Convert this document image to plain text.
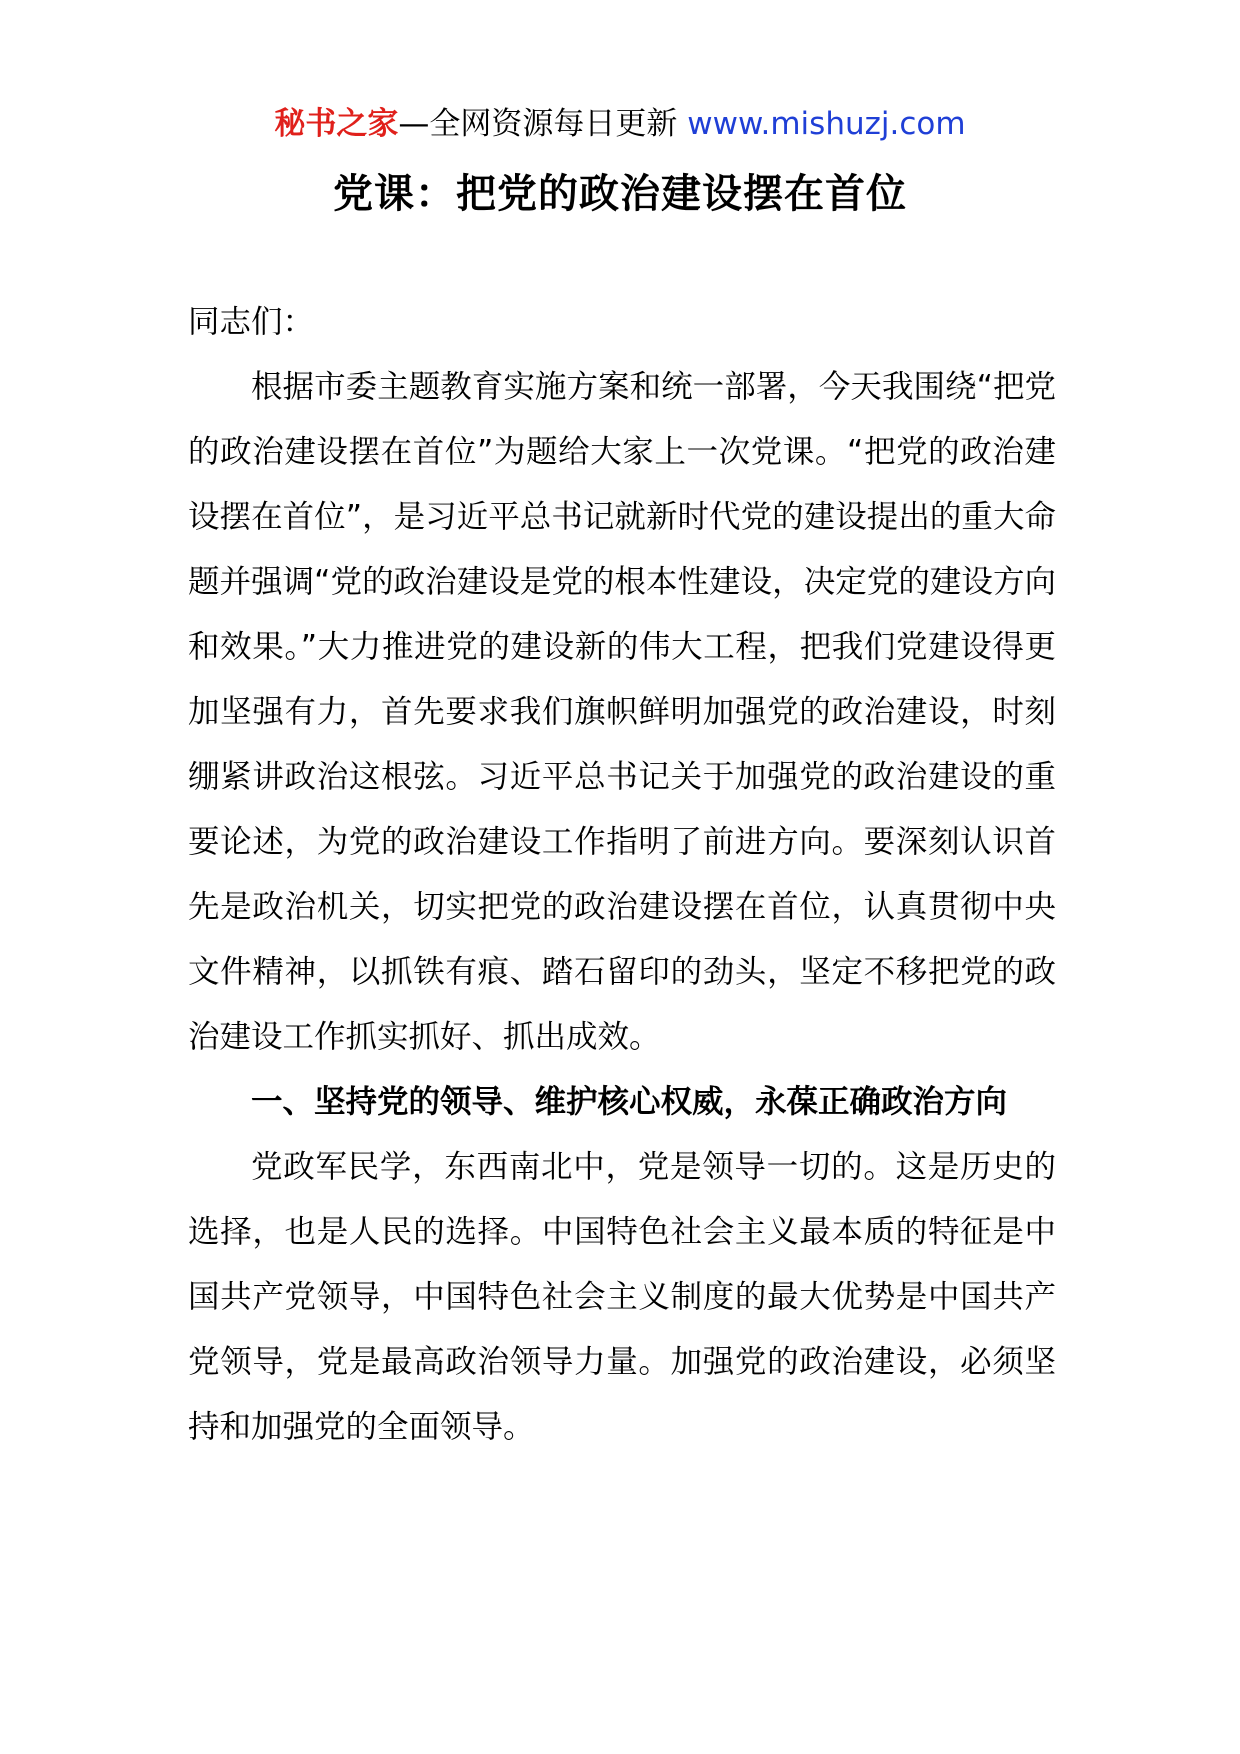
秘书之家—全网资源每日更新 www.mishuzj.com
党课：把党的政治建设摆在首位

同志们：

根据市委主题教育实施方案和统一部署，今天我围绕“把党的政治建设摆在首位”为题给大家上一次党课。“把党的政治建设摆在首位”，是习近平总书记就新时代党的建设提出的重大命题并强调“党的政治建设是党的根本性建设，决定党的建设方向和效果。”大力推进党的建设新的伟大工程，把我们党建设得更加坚强有力，首先要求我们旗帜鲜明加强党的政治建设，时刻绷紧讲政治这根弦。习近平总书记关于加强党的政治建设的重要论述，为党的政治建设工作指明了前进方向。要深刻认识首先是政治机关，切实把党的政治建设摆在首位，认真贯彻中央文件精神，以抓铁有痕、踏石留印的劲头，坚定不移把党的政治建设工作抓实抓好、抓出成效。

一、坚持党的领导、维护核心权威，永葆正确政治方向

党政军民学，东西南北中，党是领导一切的。这是历史的选择，也是人民的选择。中国特色社会主义最本质的特征是中国共产党领导，中国特色社会主义制度的最大优势是中国共产党领导，党是最高政治领导力量。加强党的政治建设，必须坚持和加强党的全面领导。
